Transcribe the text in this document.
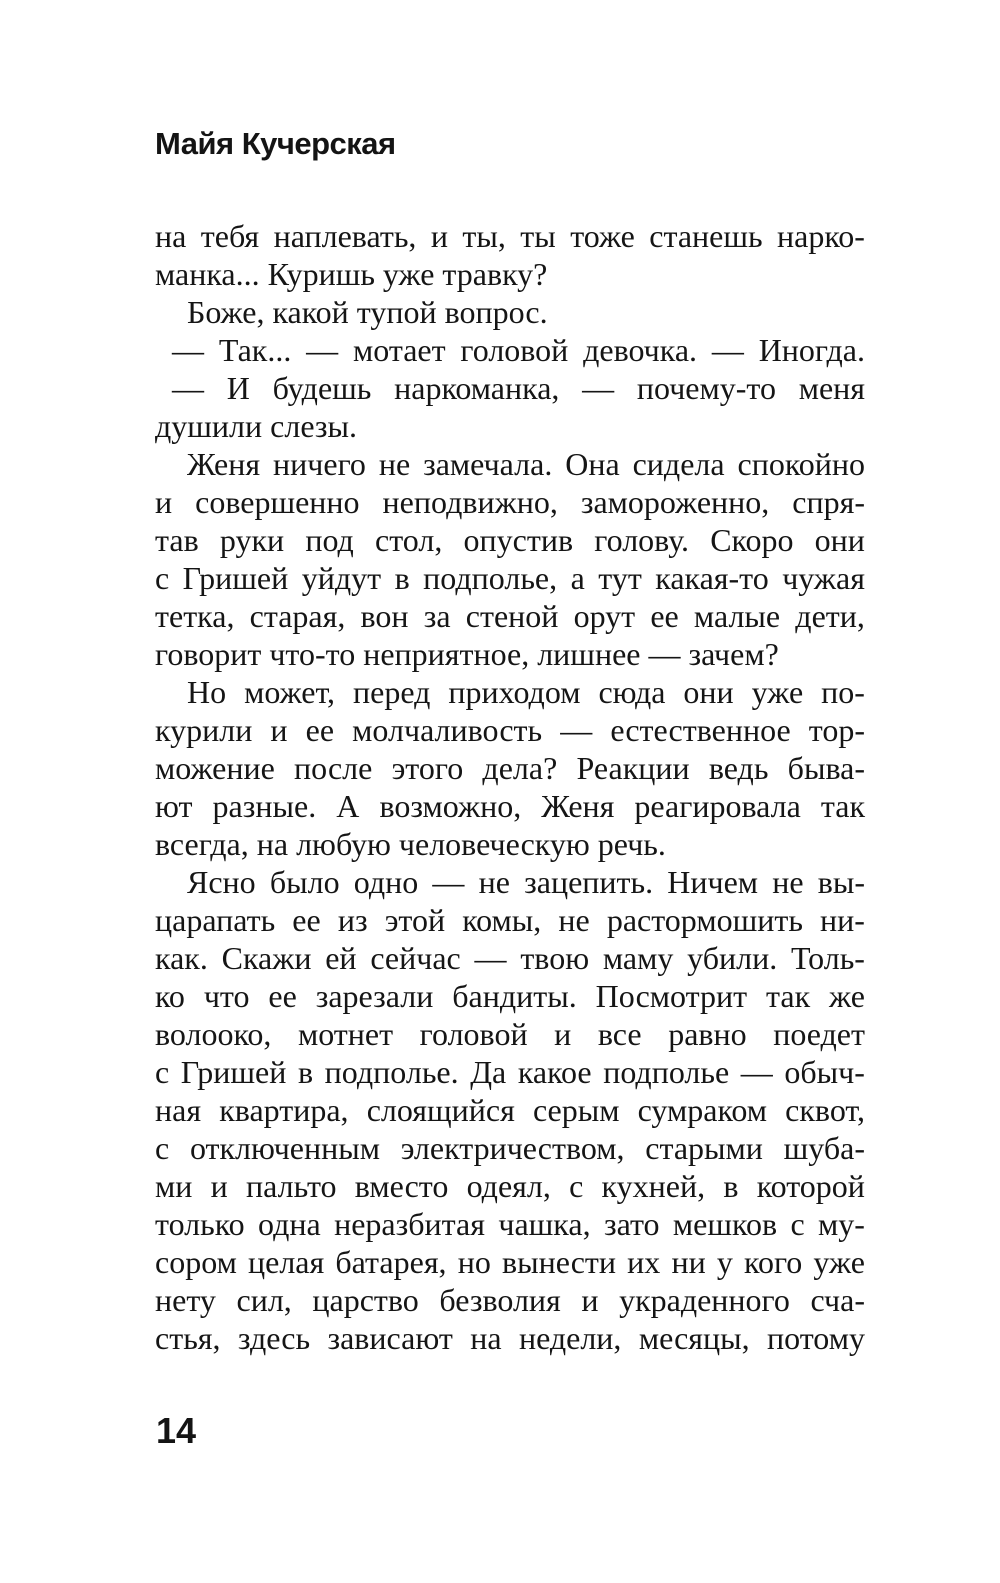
Майя Кучерская
на тебя наплевать, и ты, ты тоже станешь нарко-
манка... Куришь уже травку?
Боже, какой тупой вопрос.
— Так... — мотает головой девочка. — Иногда.
— И будешь наркоманка, — почему-то меня
душили слезы.
Женя ничего не замечала. Она сидела спокойно
и совершенно неподвижно, замороженно, спря-
тав руки под стол, опустив голову. Скоро они
с Гришей уйдут в подполье, а тут какая-то чужая
тетка, старая, вон за стеной орут ее малые дети,
говорит что-то неприятное, лишнее — зачем?
Но может, перед приходом сюда они уже по-
курили и ее молчаливость — естественное тор-
можение после этого дела? Реакции ведь быва-
ют разные. А возможно, Женя реагировала так
всегда, на любую человеческую речь.
Ясно было одно — не зацепить. Ничем не вы-
царапать ее из этой комы, не растормошить ни-
как. Скажи ей сейчас — твою маму убили. Толь-
ко что ее зарезали бандиты. Посмотрит так же
волооко, мотнет головой и все равно поедет
с Гришей в подполье. Да какое подполье — обыч-
ная квартира, слоящийся серым сумраком сквот,
с отключенным электричеством, старыми шуба-
ми и пальто вместо одеял, с кухней, в которой
только одна неразбитая чашка, зато мешков с му-
сором целая батарея, но вынести их ни у кого уже
нету сил, царство безволия и украденного сча-
стья, здесь зависают на недели, месяцы, потому
14
